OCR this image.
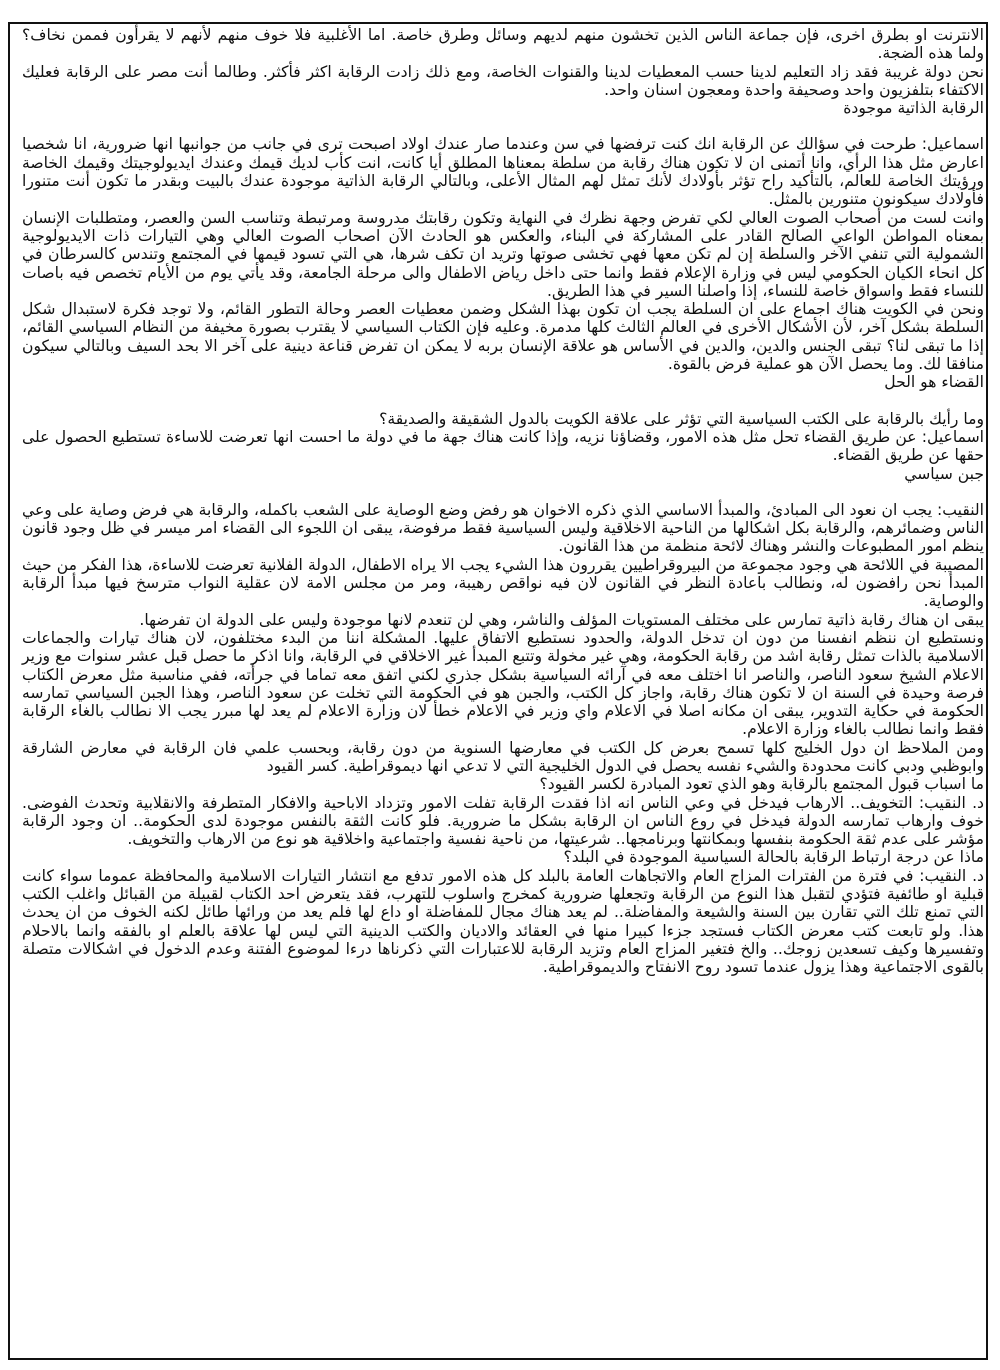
الانترنت او بطرق اخرى، فإن جماعة الناس الذين تخشون منهم لديهم وسائل وطرق خاصة. اما الأغلبية فلا خوف منهم لأنهم لا يقرأون فممن نخاف؟ ولما هذه الضجة.

نحن دولة غريبة فقد زاد التعليم لدينا حسب المعطيات لدينا والقنوات الخاصة، ومع ذلك زادت الرقابة اكثر فأكثر. وطالما أنت مصر على الرقابة فعليك الاكتفاء بتلفزيون واحد وصحيفة واحدة ومعجون اسنان واحد.

الرقابة الذاتية موجودة

اسماعيل: طرحت في سؤالك عن الرقابة انك كنت ترفضها في سن وعندما صار عندك اولاد اصبحت ترى في جانب من جوانبها انها ضرورية، انا شخصيا اعارض مثل هذا الرأي، وانا أتمنى ان لا تكون هناك رقابة من سلطة بمعناها المطلق أيا كانت، انت كأب لديك قيمك وعندك ايديولوجيتك وقيمك الخاصة ورؤيتك الخاصة للعالم، بالتأكيد راح تؤثر بأولادك لأنك تمثل لهم المثال الأعلى، وبالتالي الرقابة الذاتية موجودة عندك بالبيت وبقدر ما تكون أنت متنورا فأولادك سيكونون متنورين بالمثل.

وانت لست من أصحاب الصوت العالي لكي تفرض وجهة نظرك في النهاية وتكون رقابتك مدروسة ومرتبطة وتناسب السن والعصر، ومتطلبات الإنسان بمعناه المواطن الواعي الصالح القادر على المشاركة في البناء، والعكس هو الحادث الآن اصحاب الصوت العالي وهي التيارات ذات الايديولوجية الشمولية التي تنفي الآخر والسلطة إن لم تكن معها فهي تخشى صوتها وتريد ان تكف شرها، هي التي تسود قيمها في المجتمع وتندس كالسرطان في كل انحاء الكيان الحكومي ليس في وزارة الإعلام فقط وانما حتى داخل رياض الاطفال والى مرحلة الجامعة، وقد يأتي يوم من الأيام تخصص فيه باصات للنساء فقط واسواق خاصة للنساء، إذا واصلنا السير في هذا الطريق.

ونحن في الكويت هناك اجماع على ان السلطة يجب ان تكون بهذا الشكل وضمن معطيات العصر وحالة التطور القائم، ولا توجد فكرة لاستبدال شكل السلطة بشكل آخر، لأن الأشكال الأخرى في العالم الثالث كلها مدمرة. وعليه فإن الكتاب السياسي لا يقترب بصورة مخيفة من النظام السياسي القائم، إذا ما تبقى لنا؟ تبقى الجنس والدين، والدين في الأساس هو علاقة الإنسان بربه لا يمكن ان تفرض قناعة دينية على آخر الا بحد السيف وبالتالي سيكون منافقا لك. وما يحصل الآن هو عملية فرض بالقوة.

القضاء هو الحل

وما رأيك بالرقابة على الكتب السياسية التي تؤثر على علاقة الكويت بالدول الشقيقة والصديقة؟

اسماعيل: عن طريق القضاء تحل مثل هذه الامور، وقضاؤنا نزيه، وإذا كانت هناك جهة ما في دولة ما احست انها تعرضت للاساءة تستطيع الحصول على حقها عن طريق القضاء.

جبن سياسي

النقيب: يجب ان نعود الى المبادئ، والمبدأ الاساسي الذي ذكره الاخوان هو رفض وضع الوصاية على الشعب باكمله، والرقابة هي فرض وصاية على وعي الناس وضمائرهم، والرقابة بكل اشكالها من الناحية الاخلاقية وليس السياسية فقط مرفوضة، يبقى ان اللجوء الى القضاء امر ميسر في ظل وجود قانون ينظم امور المطبوعات والنشر وهناك لائحة منظمة من هذا القانون.

المصيبة في اللائحة هي وجود مجموعة من البيروقراطيين يقررون هذا الشيء يجب الا يراه الاطفال، الدولة الفلانية تعرضت للاساءة، هذا الفكر من حيث المبدأ نحن رافضون له، ونطالب باعادة النظر في القانون لان فيه نواقص رهيبة، ومر من مجلس الامة لان عقلية النواب مترسخ فيها مبدأ الرقابة والوصاية.

يبقى ان هناك رقابة ذاتية تمارس على مختلف المستويات المؤلف والناشر، وهي لن تنعدم لانها موجودة وليس على الدولة ان تفرضها.

ونستطيع ان ننظم انفسنا من دون ان تدخل الدولة، والحدود نستطيع الاتفاق عليها. المشكلة اننا من البدء مختلفون، لان هناك تيارات والجماعات الاسلامية بالذات تمثل رقابة اشد من رقابة الحكومة، وهي غير مخولة وتتبع المبدأ غير الاخلاقي في الرقابة، وانا اذكر ما حصل قبل عشر سنوات مع وزير الاعلام الشيخ سعود الناصر، والناصر انا اختلف معه في آرائه السياسية بشكل جذري لكني اتفق معه تماما في جرأته، ففي مناسبة مثل معرض الكتاب فرصة وحيدة في السنة ان لا تكون هناك رقابة، واجاز كل الكتب، والجبن هو في الحكومة التي تخلت عن سعود الناصر، وهذا الجبن السياسي تمارسه الحكومة في حكاية التدوير، يبقى ان مكانه اصلا في الاعلام واي وزير في الاعلام خطأ لان وزارة الاعلام لم يعد لها مبرر يجب الا نطالب بالغاء الرقابة فقط وانما نطالب بالغاء وزارة الاعلام.

ومن الملاحظ ان دول الخليج كلها تسمح بعرض كل الكتب في معارضها السنوية من دون رقابة، وبحسب علمي فان الرقابة في معارض الشارقة وابوظبي ودبي كانت محدودة والشيء نفسه يحصل في الدول الخليجية التي لا تدعي انها ديموقراطية. كسر القيود

ما اسباب قبول المجتمع بالرقابة وهو الذي تعود المبادرة لكسر القيود؟

د. النقيب: التخويف.. الارهاب فيدخل في وعي الناس انه اذا فقدت الرقابة تفلت الامور وتزداد الاباحية والافكار المتطرفة والانقلابية وتحدث الفوضى. خوف وارهاب تمارسه الدولة فيدخل في روع الناس ان الرقابة بشكل ما ضرورية. فلو كانت الثقة بالنفس موجودة لدى الحكومة.. ان وجود الرقابة مؤشر على عدم ثقة الحكومة بنفسها وبمكانتها وبرنامجها.. شرعيتها، من ناحية نفسية واجتماعية واخلاقية هو نوع من الارهاب والتخويف.

ماذا عن درجة ارتباط الرقابة بالحالة السياسية الموجودة في البلد؟

د. النقيب: في فترة من الفترات المزاج العام والاتجاهات العامة بالبلد كل هذه الامور تدفع مع انتشار التيارات الاسلامية والمحافظة عموما سواء كانت قبلية او طائفية فتؤدي لتقبل هذا النوع من الرقابة وتجعلها ضرورية كمخرج واسلوب للتهرب، فقد يتعرض احد الكتاب لقبيلة من القبائل واغلب الكتب التي تمنع تلك التي تقارن بين السنة والشيعة والمفاضلة.. لم يعد هناك مجال للمفاضلة او داع لها فلم يعد من ورائها طائل لكنه الخوف من ان يحدث هذا. ولو تابعت كتب معرض الكتاب فستجد جزءا كبيرا منها في العقائد والاديان والكتب الدينية التي ليس لها علاقة بالعلم او بالفقه وانما بالاحلام وتفسيرها وكيف تسعدين زوجك.. والخ فتغير المزاج العام وتزيد الرقابة للاعتبارات التي ذكرناها درءا لموضوع الفتنة وعدم الدخول في اشكالات متصلة بالقوى الاجتماعية وهذا يزول عندما تسود روح الانفتاح والديموقراطية.
